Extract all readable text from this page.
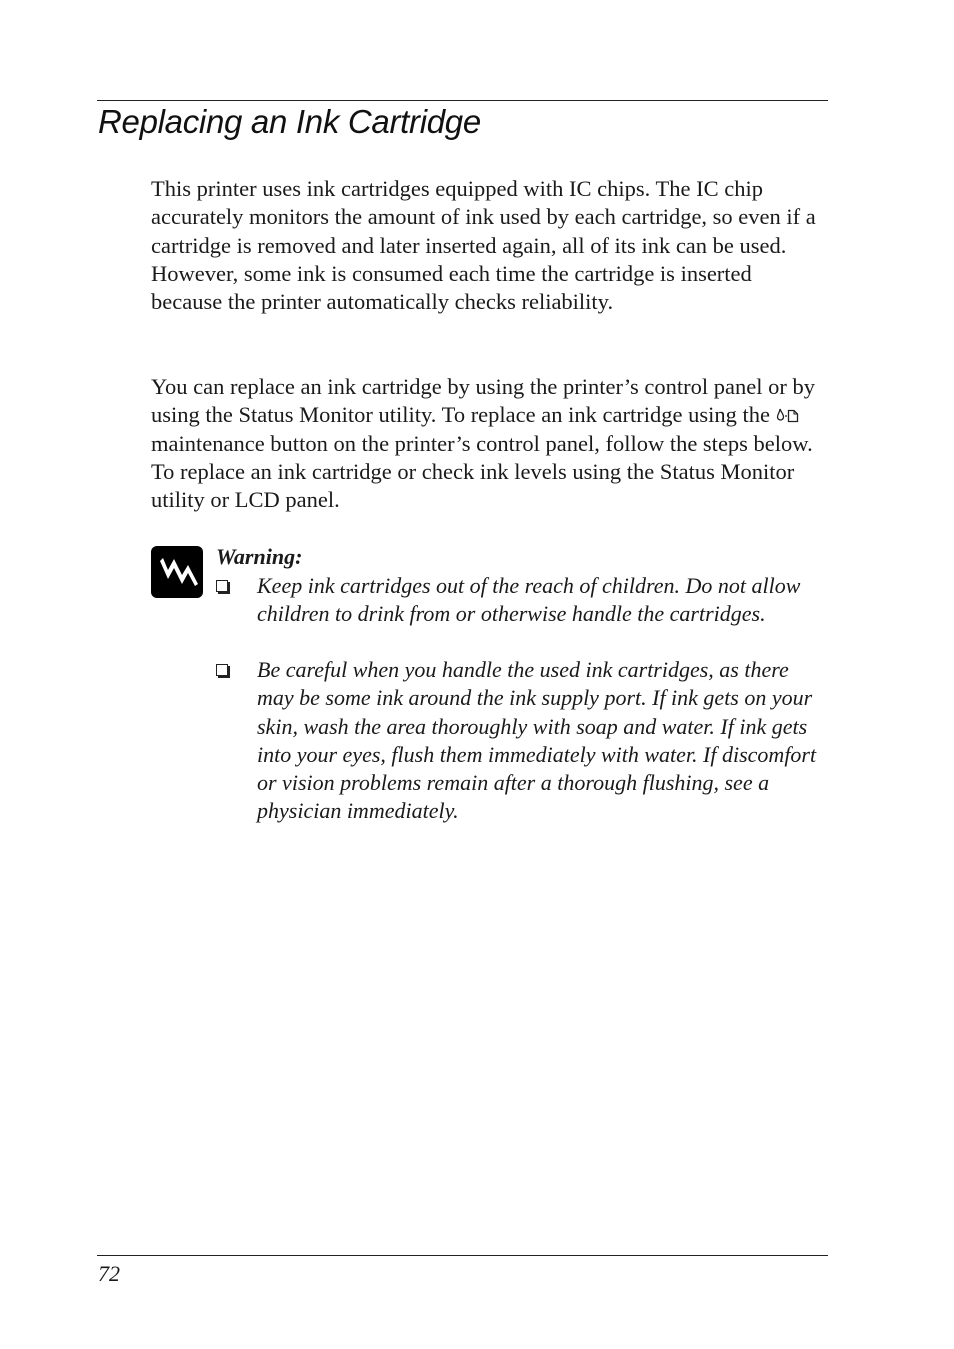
Replacing an Ink Cartridge

This printer uses ink cartridges equipped with IC chips. The IC chip accurately monitors the amount of ink used by each cartridge, so even if a cartridge is removed and later inserted again, all of its ink can be used. However, some ink is consumed each time the cartridge is inserted because the printer automatically checks reliability.

You can replace an ink cartridge by using the printer’s control panel or by using the Status Monitor utility. To replace an ink cartridge using the  maintenance button on the printer’s control panel, follow the steps below. To replace an ink cartridge or check ink levels using the Status Monitor utility or LCD panel.

Warning:

Keep ink cartridges out of the reach of children. Do not allow children to drink from or otherwise handle the cartridges.

Be careful when you handle the used ink cartridges, as there may be some ink around the ink supply port. If ink gets on your skin, wash the area thoroughly with soap and water. If ink gets into your eyes, flush them immediately with water. If discomfort or vision problems remain after a thorough flushing, see a physician immediately.

72
